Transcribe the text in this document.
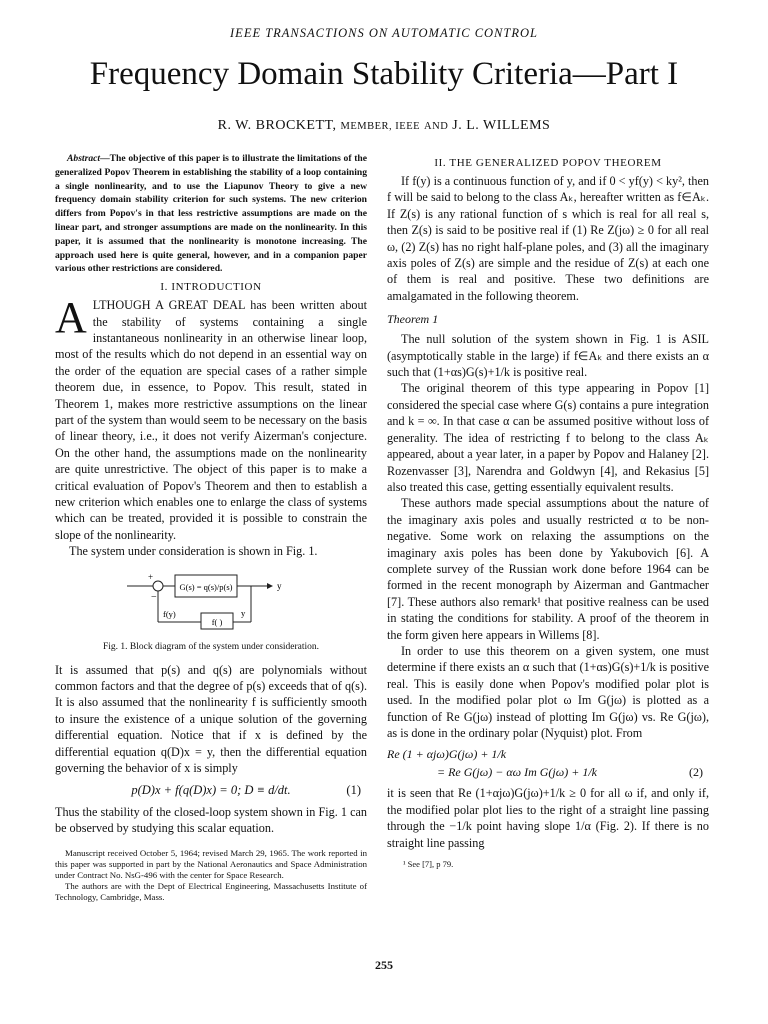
IEEE TRANSACTIONS ON AUTOMATIC CONTROL
Frequency Domain Stability Criteria—Part I
R. W. BROCKETT, MEMBER, IEEE AND J. L. WILLEMS

Abstract—The objective of this paper is to illustrate the limitations of the generalized Popov Theorem in establishing the stability of a loop containing a single nonlinearity, and to use the Liapunov Theory to give a new frequency domain stability criterion for such systems. The new criterion differs from Popov's in that less restrictive assumptions are made on the linear part, and stronger assumptions are made on the nonlinearity. In this paper, it is assumed that the nonlinearity is monotone increasing. The approach used here is quite general, however, and in a companion paper various other restrictions are considered.

I. INTRODUCTION
A LTHOUGH A GREAT DEAL has been written about the stability of systems containing a single instantaneous nonlinearity in an otherwise linear loop, most of the results which do not depend in an essential way on the order of the equation are special cases of a rather simple theorem due, in essence, to Popov. This result, stated in Theorem 1, makes more restrictive assumptions on the linear part of the system than would seem to be necessary on the basis of linear theory, i.e., it does not verify Aizerman's conjecture. On the other hand, the assumptions made on the nonlinearity are quite unrestrictive. The object of this paper is to make a critical evaluation of Popov's Theorem and then to establish a new criterion which enables one to enlarge the class of systems which can be treated, provided it is possible to constrain the slope of the nonlinearity.

The system under consideration is shown in Fig. 1.

+
−
G(s) = q(s)/p(s)	y
f( )
y
f(y)
Fig. 1. Block diagram of the system under consideration.

It is assumed that p(s) and q(s) are polynomials without common factors and that the degree of p(s) exceeds that of q(s). It is also assumed that the nonlinearity f is sufficiently smooth to insure the existence of a unique solution of the governing differential equation. Notice that if x is defined by the differential equation q(D)x = y, then the differential equation governing the behavior of x is simply

p(D)x + f(q(D)x) = 0; D ≡ d/dt.	(1)

Thus the stability of the closed-loop system shown in Fig. 1 can be observed by studying this scalar equation.

Manuscript received October 5, 1964; revised March 29, 1965. The work reported in this paper was supported in part by the National Aeronautics and Space Administration under Contract No. NsG-496 with the center for Space Research.

The authors are with the Dept of Electrical Engineering, Massachusetts Institute of Technology, Cambridge, Mass.

II. THE GENERALIZED POPOV THEOREM

If f(y) is a continuous function of y, and if 0 < yf(y) < ky², then f will be said to belong to the class Aₖ, hereafter written as f∈Aₖ. If Z(s) is any rational function of s which is real for all real s, then Z(s) is said to be positive real if (1) Re Z(jω) ≥ 0 for all real ω, (2) Z(s) has no right half-plane poles, and (3) all the imaginary axis poles of Z(s) are simple and the residue of Z(s) at each one of them is real and positive. These two definitions are amalgamated in the following theorem.

Theorem 1

The null solution of the system shown in Fig. 1 is ASIL (asymptotically stable in the large) if f∈Aₖ and there exists an α such that (1+αs)G(s)+1/k is positive real.

The original theorem of this type appearing in Popov [1] considered the special case where G(s) contains a pure integration and k = ∞. In that case α can be assumed positive without loss of generality. The idea of restricting f to belong to the class Aₖ appeared, about a year later, in a paper by Popov and Halaney [2]. Rozenvasser [3], Narendra and Goldwyn [4], and Rekasius [5] also treated this case, getting essentially equivalent results.

These authors made special assumptions about the nature of the imaginary axis poles and usually restricted α to be non-negative. Some work on relaxing the assumptions on the imaginary axis poles has been done by Yakubovich [6]. A complete survey of the Russian work done before 1964 can be formed in the recent monograph by Aizerman and Gantmacher [7]. These authors also remark¹ that positive realness can be used in stating the conditions for stability. A proof of the theorem in the form given here appears in Willems [8].

In order to use this theorem on a given system, one must determine if there exists an α such that (1+αs)G(s)+1/k is positive real. This is easily done when Popov's modified polar plot is used. In the modified polar plot ω Im G(jω) is plotted as a function of Re G(jω) instead of plotting Im G(jω) vs. Re G(jω), as is done in the ordinary polar (Nyquist) plot. From

Re (1 + αjω)G(jω) + 1/k
= Re G(jω) − αω Im G(jω) + 1/k	(2)

it is seen that Re (1+αjω)G(jω)+1/k ≥ 0 for all ω if, and only if, the modified polar plot lies to the right of a straight line passing through the −1/k point having slope 1/α (Fig. 2). If there is no straight line passing

¹ See [7], p 79.
255
